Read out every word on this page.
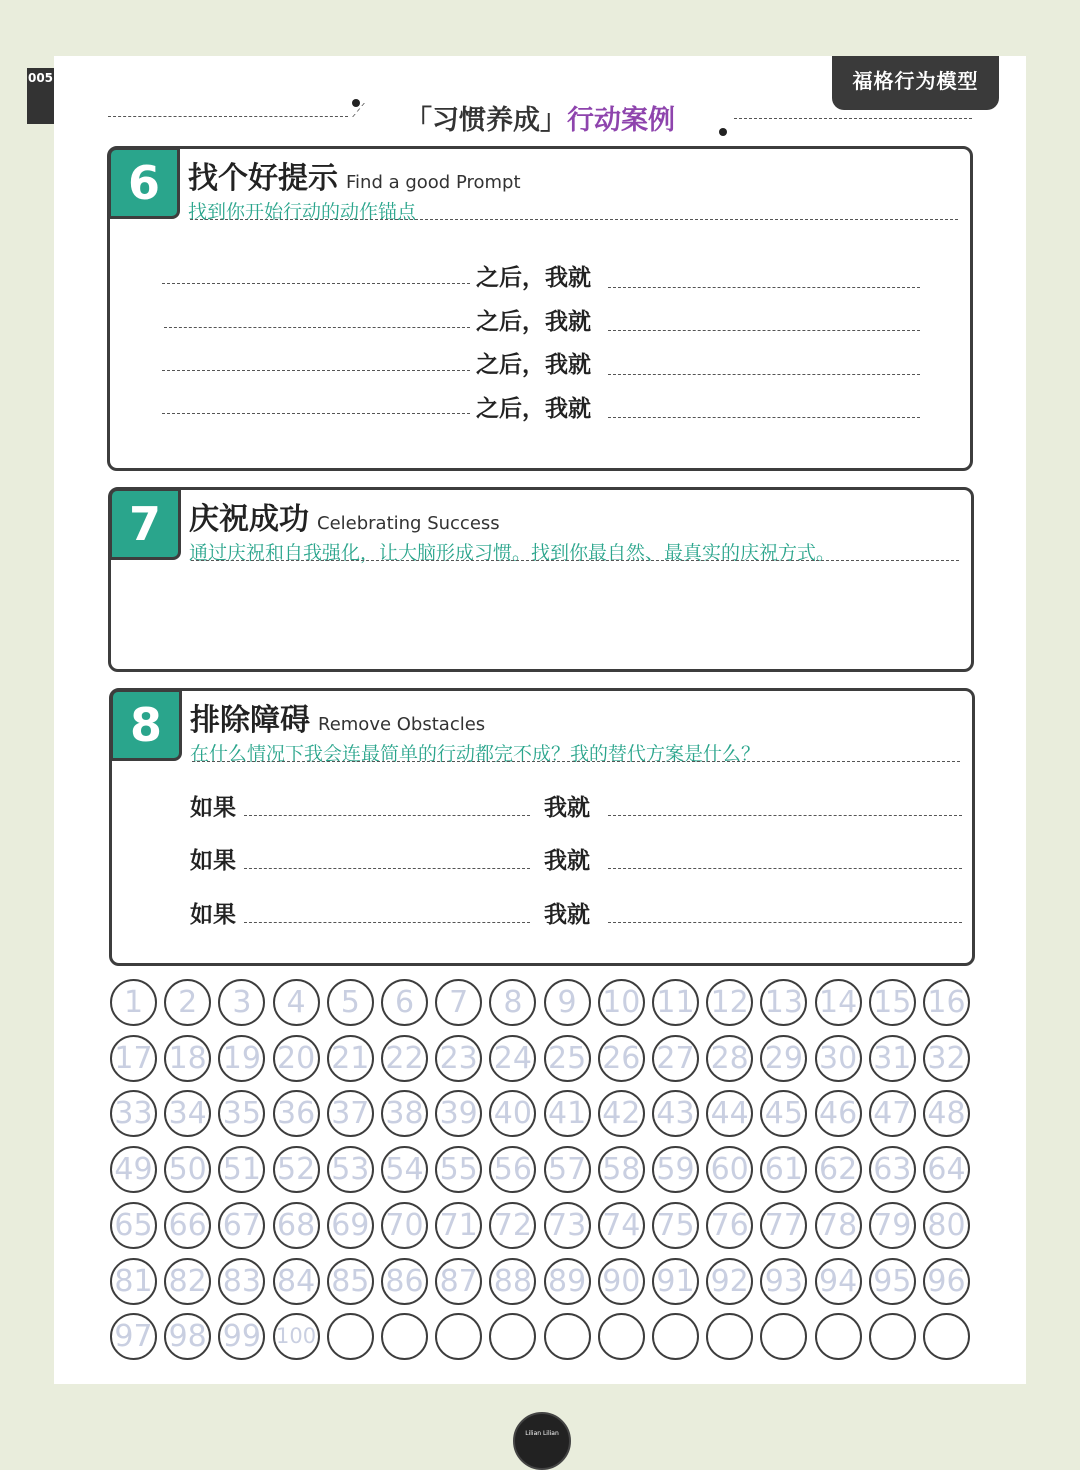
005	福格行为模型
「习惯养成」行动案例
6 找个好提示 Find a good Prompt
找到你开始行动的动作锚点
之后，我就
之后，我就
之后，我就
之后，我就
7 庆祝成功 Celebrating Success
通过庆祝和自我强化，让大脑形成习惯。找到你最自然、最真实的庆祝方式。
8 排除障碍 Remove Obstacles
在什么情况下我会连最简单的行动都完不成？我的替代方案是什么？
如果	我就
如果	我就
如果	我就
1	2	3	4	5	6	7	8	9 10 11 12 13 14 15 16
17 18 19 20 21 22 23 24 25 26 27 28 29 30 31 32
33 34 35 36 37 38 39 40 41 42 43 44 45 46 47 48
49 50 51 52 53 54 55 56 57 58 59 60 61 62 63 64
65 66 67 68 69 70 71 72 73 74 75 76 77 78 79 80
81 82 83 84 85 86 87 88 89 90 91 92 93 94 95 96
97 98 99 100
Lilian Lilian
